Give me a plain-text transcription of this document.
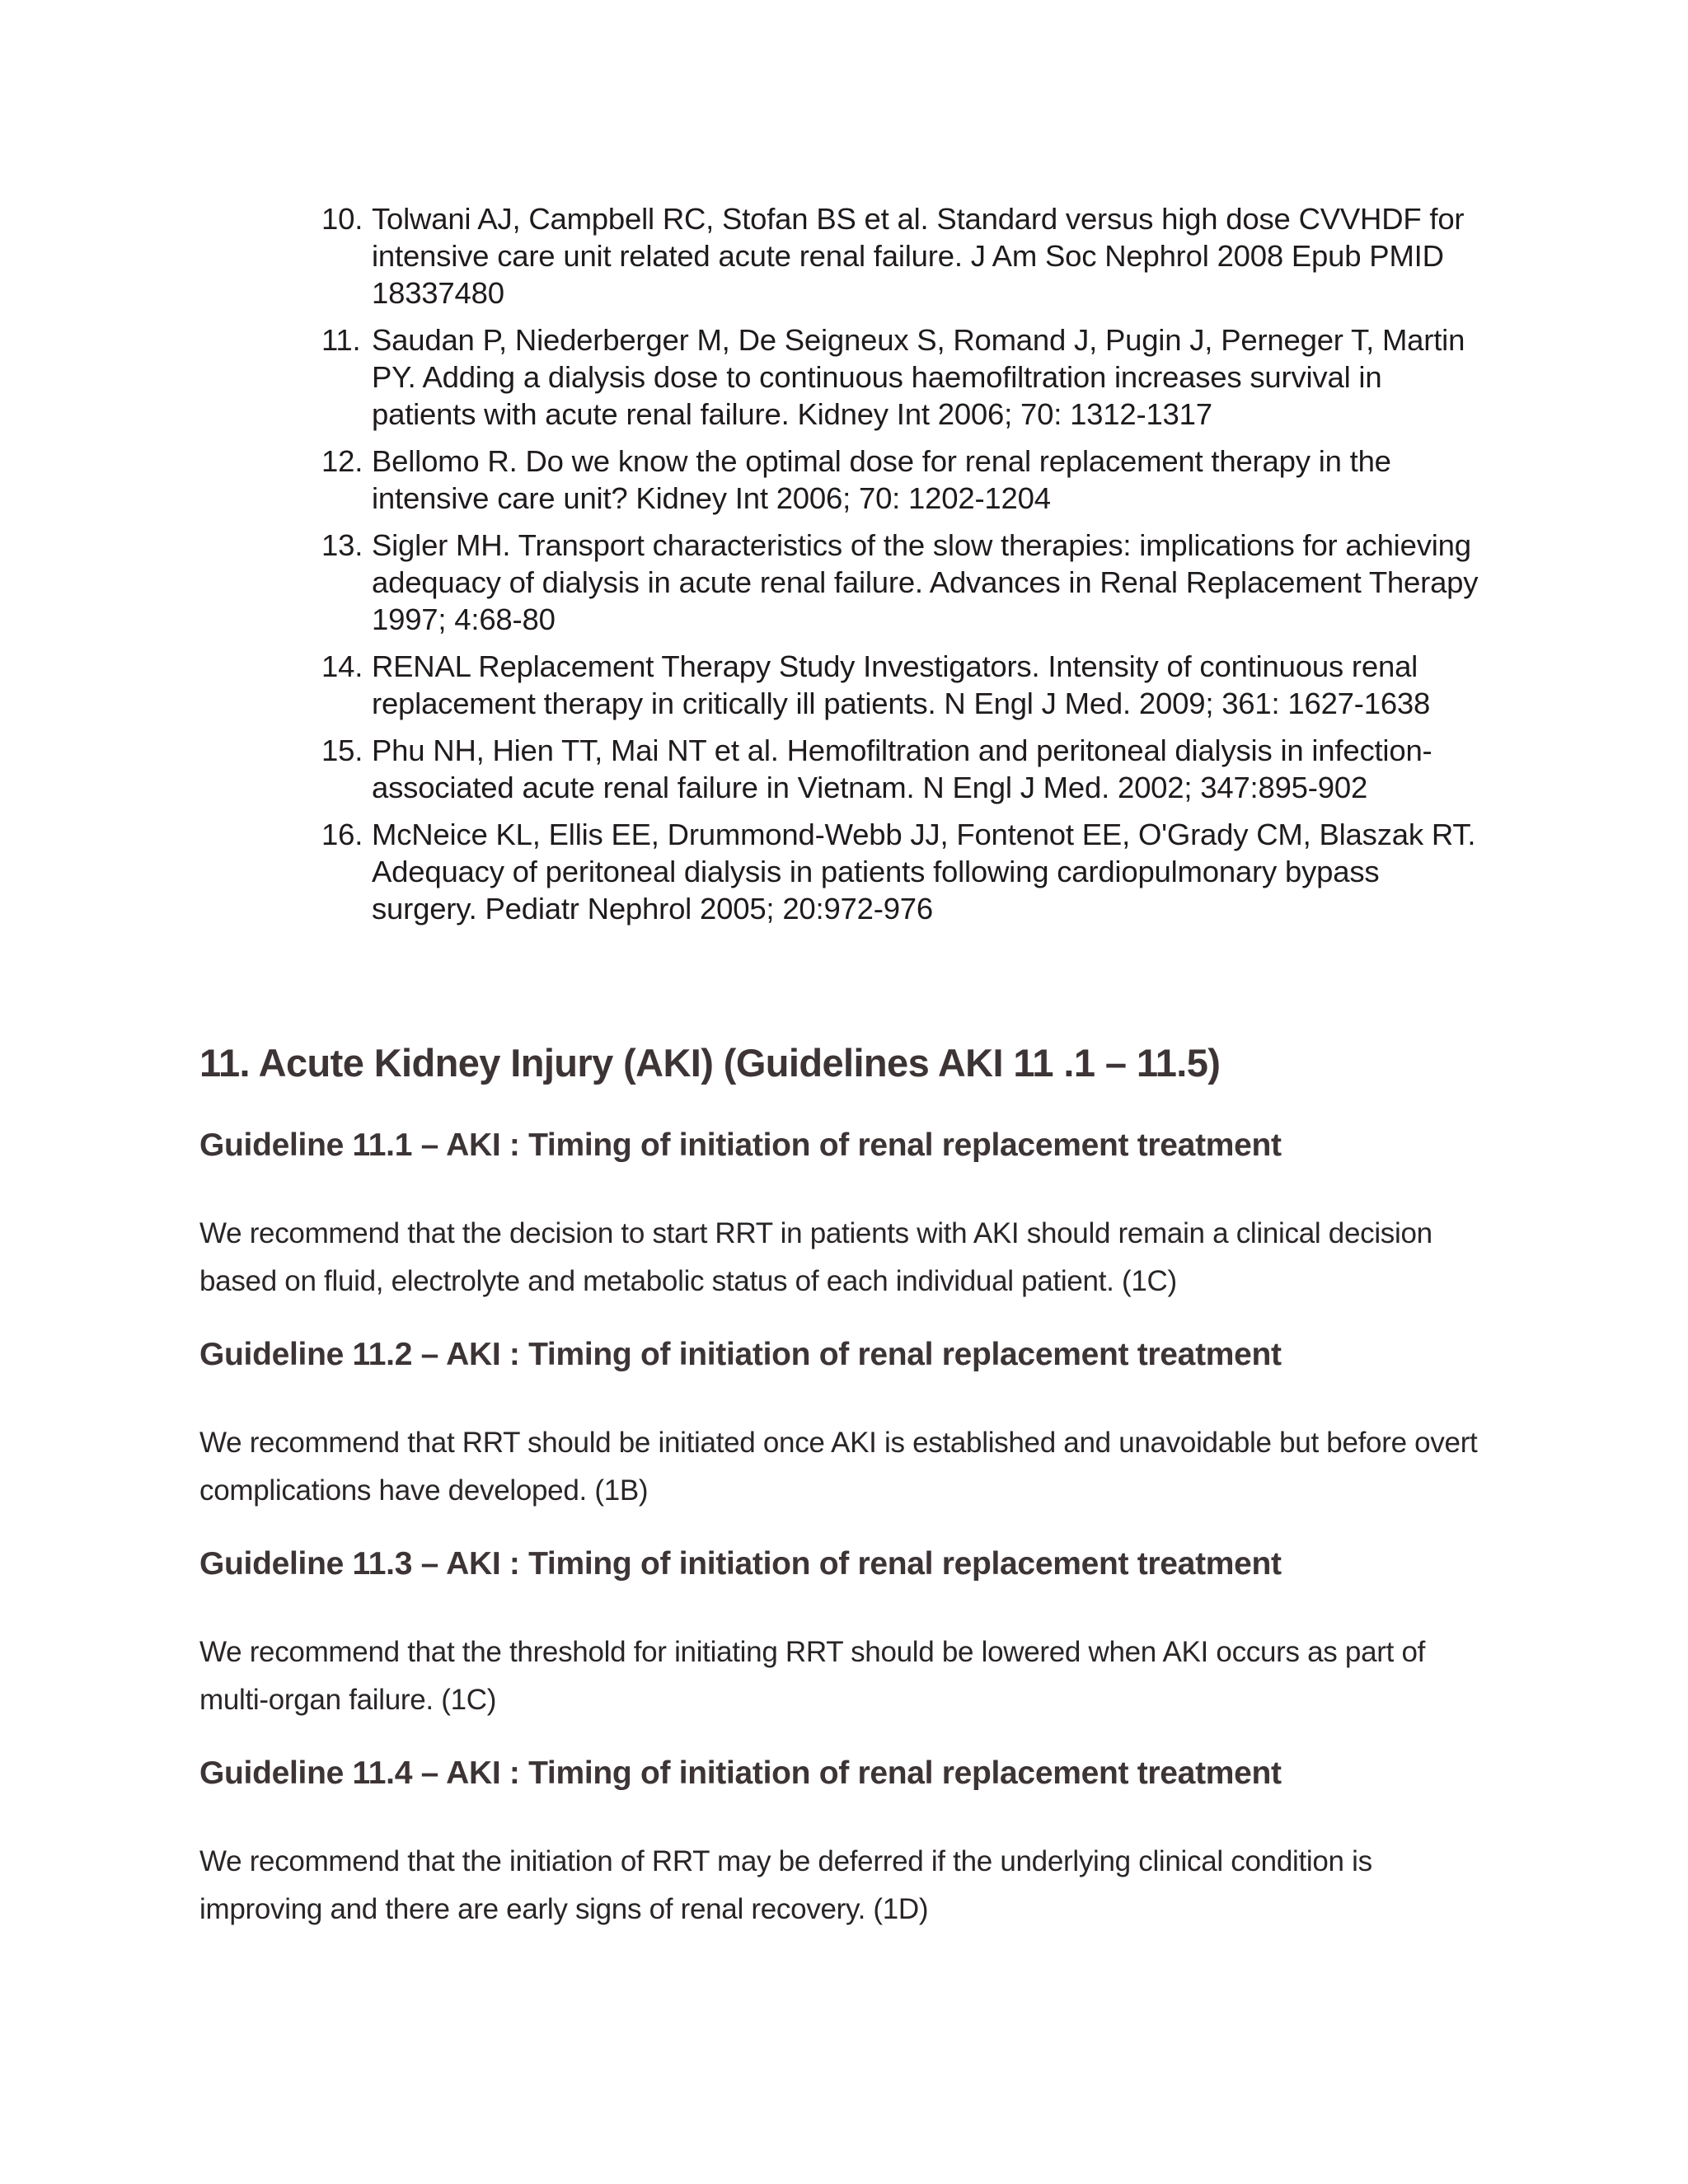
10. Tolwani AJ, Campbell RC, Stofan BS et al. Standard versus high dose CVVHDF for intensive care unit related acute renal failure. J Am Soc Nephrol 2008 Epub PMID 18337480
11. Saudan P, Niederberger M, De Seigneux S, Romand J, Pugin J, Perneger T, Martin PY. Adding a dialysis dose to continuous haemofiltration increases survival in patients with acute renal failure. Kidney Int 2006; 70: 1312-1317
12. Bellomo R. Do we know the optimal dose for renal replacement therapy in the intensive care unit? Kidney Int 2006; 70: 1202-1204
13. Sigler MH. Transport characteristics of the slow therapies: implications for achieving adequacy of dialysis in acute renal failure. Advances in Renal Replacement Therapy 1997; 4:68-80
14. RENAL Replacement Therapy Study Investigators. Intensity of continuous renal replacement therapy in critically ill patients. N Engl J Med. 2009; 361: 1627-1638
15. Phu NH, Hien TT, Mai NT et al. Hemofiltration and peritoneal dialysis in infection-associated acute renal failure in Vietnam. N Engl J Med. 2002; 347:895-902
16. McNeice KL, Ellis EE, Drummond-Webb JJ, Fontenot EE, O'Grady CM, Blaszak RT. Adequacy of peritoneal dialysis in patients following cardiopulmonary bypass surgery. Pediatr Nephrol 2005; 20:972-976
11. Acute Kidney Injury (AKI) (Guidelines AKI 11 .1 – 11.5)
Guideline 11.1 – AKI : Timing of initiation of renal replacement treatment

We recommend that the decision to start RRT in patients with AKI should remain a clinical decision based on fluid, electrolyte and metabolic status of each individual patient. (1C)

Guideline 11.2 – AKI : Timing of initiation of renal replacement treatment

We recommend that RRT should be initiated once AKI is established and unavoidable but before overt complications have developed. (1B)

Guideline 11.3 – AKI : Timing of initiation of renal replacement treatment

We recommend that the threshold for initiating RRT should be lowered when AKI occurs as part of multi-organ failure. (1C)

Guideline 11.4 – AKI : Timing of initiation of renal replacement treatment

We recommend that the initiation of RRT may be deferred if the underlying clinical condition is improving and there are early signs of renal recovery. (1D)
